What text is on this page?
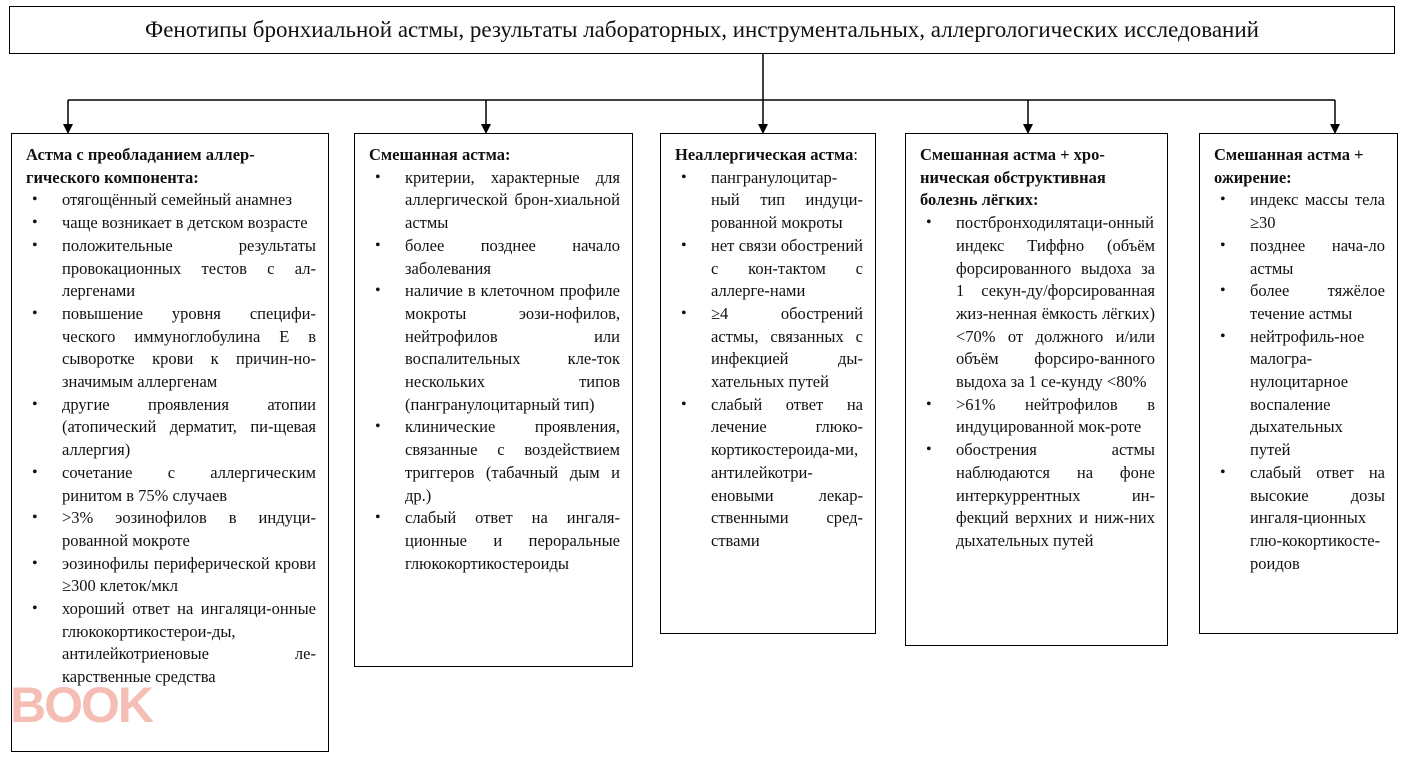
Фенотипы бронхиальной астмы, результаты лабораторных, инструментальных, аллергологических исследований
Астма с преобладанием аллер-гического компонента:
• отягощённый семейный анамнез
• чаще возникает в детском возрасте
• положительные результаты провокационных тестов с ал-лергенами
• повышение уровня специфи-ческого иммуноглобулина Е в сыворотке крови к причин-но-значимым аллергенам
• другие проявления атопии (атопический дерматит, пи-щевая аллергия)
• сочетание с аллергическим ринитом в 75% случаев
• >3% эозинофилов в индуци-рованной мокроте
• эозинофилы периферической крови ≥300 клеток/мкл
• хороший ответ на ингаляци-онные глюкокортикостерои-ды, антилейкотриеновые ле-карственные средства
Смешанная астма:
• критерии, характерные для аллергической брон-хиальной астмы
• более позднее начало заболевания
• наличие в клеточном профиле мокроты эози-нофилов, нейтрофилов или воспалительных кле-ток нескольких типов (пангранулоцитарный тип)
• клинические проявления, связанные с воздействием триггеров (табачный дым и др.)
• слабый ответ на ингаля-ционные и пероральные глюкокортикостероиды
Неаллергическая астма:
• пангранулоцитар-ный тип индуци-рованной мокроты
• нет связи обострений с кон-тактом с аллерге-нами
• ≥4 обострений астмы, связанных с инфекцией ды-хательных путей
• слабый ответ на лечение глюко-кортикостероида-ми, антилейкотри-еновыми лекар-ственными сред-ствами
Смешанная астма + хро-ническая обструктивная болезнь лёгких:
• постбронходилятаци-онный индекс Тиффно (объём форсированного выдоха за 1 секун-ду/форсированная жиз-ненная ёмкость лёгких) <70% от должного и/или объём форсиро-ванного выдоха за 1 се-кунду <80%
• >61% нейтрофилов в индуцированной мок-роте
• обострения астмы наблюдаются на фоне интеркуррентных ин-фекций верхних и ниж-них дыхательных путей
Смешанная астма + ожирение:
• индекс массы тела ≥30
• позднее нача-ло астмы
• более тяжёлое течение астмы
• нейтрофиль-ное малогра-нулоцитарное воспаление дыхательных путей
• слабый ответ на высокие дозы ингаля-ционных глю-кокортикосте-роидов
BOOK
